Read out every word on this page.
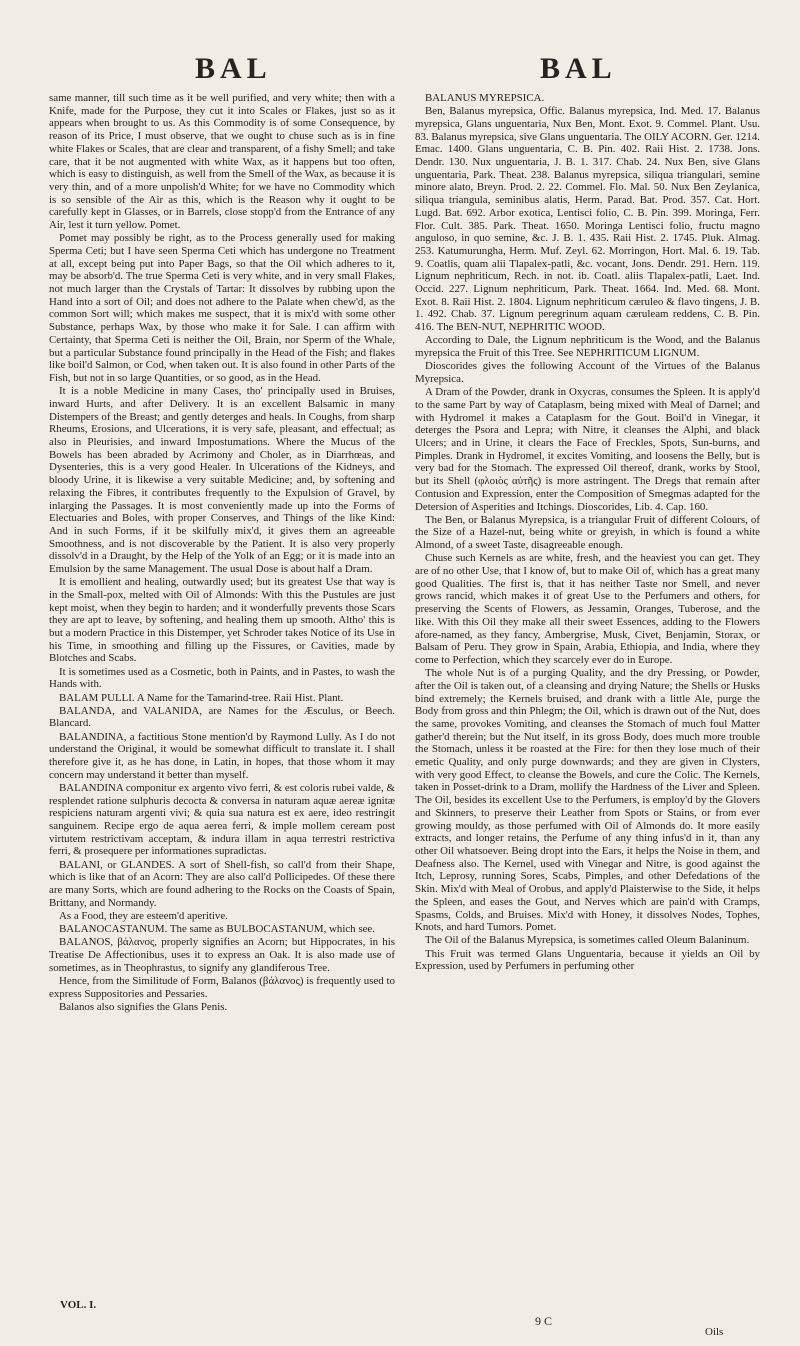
BAL	BAL

same manner, till such time as it be well purified, and very white; then with a Knife, made for the Purpose, they cut it into Scales or Flakes, just so as it appears when brought to us. As this Commodity is of some Consequence, by reason of its Price, I must observe, that we ought to chuse such as is in fine white Flakes or Scales, that are clear and transparent, of a fishy Smell; and take care, that it be not augmented with white Wax, as it happens but too often, which is easy to distinguish, as well from the Smell of the Wax, as because it is very thin, and of a more unpolish'd White; for we have no Commodity which is so sensible of the Air as this, which is the Reason why it ought to be carefully kept in Glasses, or in Barrels, close stopp'd from the Entrance of any Air, lest it turn yellow. Pomet.

Pomet may possibly be right, as to the Process generally used for making Sperma Ceti; but I have seen Sperma Ceti which has undergone no Treatment at all, except being put into Paper Bags, so that the Oil which adheres to it, may be absorb'd. The true Sperma Ceti is very white, and in very small Flakes, not much larger than the Crystals of Tartar: It dissolves by rubbing upon the Hand into a sort of Oil; and does not adhere to the Palate when chew'd, as the common Sort will; which makes me suspect, that it is mix'd with some other Substance, perhaps Wax, by those who make it for Sale. I can affirm with Certainty, that Sperma Ceti is neither the Oil, Brain, nor Sperm of the Whale, but a particular Substance found principally in the Head of the Fish; and flakes like boil'd Salmon, or Cod, when taken out. It is also found in other Parts of the Fish, but not in so large Quantities, or so good, as in the Head.

It is a noble Medicine in many Cases, tho' principally used in Bruises, inward Hurts, and after Delivery. It is an excellent Balsamic in many Distempers of the Breast; and gently deterges and heals. In Coughs, from sharp Rheums, Erosions, and Ulcerations, it is very safe, pleasant, and effectual; as also in Pleurisies, and inward Impostumations. Where the Mucus of the Bowels has been abraded by Acrimony and Choler, as in Diarrhœas, and Dysenteries, this is a very good Healer. In Ulcerations of the Kidneys, and bloody Urine, it is likewise a very suitable Medicine; and, by softening and relaxing the Fibres, it contributes frequently to the Expulsion of Gravel, by inlarging the Passages. It is most conveniently made up into the Forms of Electuaries and Boles, with proper Conserves, and Things of the like Kind: And in such Forms, if it be skilfully mix'd, it gives them an agreeable Smoothness, and is not discoverable by the Patient. It is also very properly dissolv'd in a Draught, by the Help of the Yolk of an Egg; or it is made into an Emulsion by the same Management. The usual Dose is about half a Dram.

It is emollient and healing, outwardly used; but its greatest Use that way is in the Small-pox, melted with Oil of Almonds: With this the Pustules are just kept moist, when they begin to harden; and it wonderfully prevents those Scars they are apt to leave, by softening, and healing them up smooth. Altho' this is but a modern Practice in this Distemper, yet Schroder takes Notice of its Use in his Time, in smoothing and filling up the Fissures, or Cavities, made by Blotches and Scabs.

It is sometimes used as a Cosmetic, both in Paints, and in Pastes, to wash the Hands with.

BALAM PULLI. A Name for the Tamarind-tree. Raii Hist. Plant.

BALANDA, and VALANIDA, are Names for the Æsculus, or Beech. Blancard.

BALANDINA, a factitious Stone mention'd by Raymond Lully. As I do not understand the Original, it would be somewhat difficult to translate it. I shall therefore give it, as he has done, in Latin, in hopes, that those whom it may concern may understand it better than myself.

BALANDINA componitur ex argento vivo ferri, & est coloris rubei valde, & resplendet ratione sulphuris decocta & conversa in naturam aquæ aereæ ignitæ respiciens naturam argenti vivi; & quia sua natura est ex aere, ideo restringit sanguinem. Recipe ergo de aqua aerea ferri, & imple mollem ceream post virtutem restrictivam acceptam, & indura illam in aqua terrestri restrictiva ferri, & prosequere per informationes supradictas.

BALANI, or GLANDES. A sort of Shell-fish, so call'd from their Shape, which is like that of an Acorn: They are also call'd Pollicipedes. Of these there are many Sorts, which are found adhering to the Rocks on the Coasts of Spain, Brittany, and Normandy.

As a Food, they are esteem'd aperitive.

BALANOCASTANUM. The same as BULBOCASTANUM, which see.

BALANOS, βάλανος, properly signifies an Acorn; but Hippocrates, in his Treatise De Affectionibus, uses it to express an Oak. It is also made use of sometimes, as in Theophrastus, to signify any glandiferous Tree.

Hence, from the Similitude of Form, Balanos (βάλανος) is frequently used to express Suppositories and Pessaries.

Balanos also signifies the Glans Penis.

BALANUS MYREPSICA.

Ben, Balanus myrepsica, Offic. Balanus myrepsica, Ind. Med. 17. Balanus myrepsica, Glans unguentaria, Nux Ben, Mont. Exot. 9. Commel. Plant. Usu. 83. Balanus myrepsica, sive Glans unguentaria. The OILY ACORN. Ger. 1214. Emac. 1400. Glans unguentaria, C. B. Pin. 402. Raii Hist. 2. 1738. Jons. Dendr. 130. Nux unguentaria, J. B. 1. 317. Chab. 24. Nux Ben, sive Glans unguentaria, Park. Theat. 238. Balanus myrepsica, siliqua triangulari, semine minore alato, Breyn. Prod. 2. 22. Commel. Flo. Mal. 50. Nux Ben Zeylanica, siliqua triangula, seminibus alatis, Herm. Parad. Bat. Prod. 357. Cat. Hort. Lugd. Bat. 692. Arbor exotica, Lentisci folio, C. B. Pin. 399. Moringa, Ferr. Flor. Cult. 385. Park. Theat. 1650. Moringa Lentisci folio, fructu magno anguloso, in quo semine, &c. J. B. 1. 435. Raii Hist. 2. 1745. Pluk. Almag. 253. Katumurungha, Herm. Muf. Zeyl. 62. Morringon, Hort. Mal. 6. 19. Tab. 9. Coatlis, quam alii Tlapalex-patli, &c. vocant, Jons. Dendr. 291. Hern. 119. Lignum nephriticum, Rech. in not. ib. Coatl. aliis Tlapalex-patli, Laet. Ind. Occid. 227. Lignum nephriticum, Park. Theat. 1664. Ind. Med. 68. Mont. Exot. 8. Raii Hist. 2. 1804. Lignum nephriticum cæruleo & flavo tingens, J. B. 1. 492. Chab. 37. Lignum peregrinum aquam cæruleam reddens, C. B. Pin. 416. The BEN-NUT, NEPHRITIC WOOD.

According to Dale, the Lignum nephriticum is the Wood, and the Balanus myrepsica the Fruit of this Tree. See NEPHRITICUM LIGNUM.

Dioscorides gives the following Account of the Virtues of the Balanus Myrepsica.

A Dram of the Powder, drank in Oxycras, consumes the Spleen. It is apply'd to the same Part by way of Cataplasm, being mixed with Meal of Darnel; and with Hydromel it makes a Cataplasm for the Gout. Boil'd in Vinegar, it deterges the Psora and Lepra; with Nitre, it cleanses the Alphi, and black Ulcers; and in Urine, it clears the Face of Freckles, Spots, Sun-burns, and Pimples. Drank in Hydromel, it excites Vomiting, and loosens the Belly, but is very bad for the Stomach. The expressed Oil thereof, drank, works by Stool, but its Shell (φλοιὸς αὐτῆς) is more astringent. The Dregs that remain after Contusion and Expression, enter the Composition of Smegmas adapted for the Detersion of Asperities and Itchings. Dioscorides, Lib. 4. Cap. 160.

The Ben, or Balanus Myrepsica, is a triangular Fruit of different Colours, of the Size of a Hazel-nut, being white or greyish, in which is found a white Almond, of a sweet Taste, disagreeable enough.

Chuse such Kernels as are white, fresh, and the heaviest you can get. They are of no other Use, that I know of, but to make Oil of, which has a great many good Qualities. The first is, that it has neither Taste nor Smell, and never grows rancid, which makes it of great Use to the Perfumers and others, for preserving the Scents of Flowers, as Jessamin, Oranges, Tuberose, and the like. With this Oil they make all their sweet Essences, adding to the Flowers afore-named, as they fancy, Ambergrise, Musk, Civet, Benjamin, Storax, or Balsam of Peru. They grow in Spain, Arabia, Ethiopia, and India, where they come to Perfection, which they scarcely ever do in Europe.

The whole Nut is of a purging Quality, and the dry Pressing, or Powder, after the Oil is taken out, of a cleansing and drying Nature; the Shells or Husks bind extremely; the Kernels bruised, and drank with a little Ale, purge the Body from gross and thin Phlegm; the Oil, which is drawn out of the Nut, does the same, provokes Vomiting, and cleanses the Stomach of much foul Matter gather'd therein; but the Nut itself, in its gross Body, does much more trouble the Stomach, unless it be roasted at the Fire: for then they lose much of their emetic Quality, and only purge downwards; and they are given in Clysters, with very good Effect, to cleanse the Bowels, and cure the Colic. The Kernels, taken in Posset-drink to a Dram, mollify the Hardness of the Liver and Spleen. The Oil, besides its excellent Use to the Perfumers, is employ'd by the Glovers and Skinners, to preserve their Leather from Spots or Stains, or from ever growing mouldy, as those perfumed with Oil of Almonds do. It more easily extracts, and longer retains, the Perfume of any thing infus'd in it, than any other Oil whatsoever. Being dropt into the Ears, it helps the Noise in them, and Deafness also. The Kernel, used with Vinegar and Nitre, is good against the Itch, Leprosy, running Sores, Scabs, Pimples, and other Defedations of the Skin. Mix'd with Meal of Orobus, and apply'd Plaisterwise to the Side, it helps the Spleen, and eases the Gout, and Nerves which are pain'd with Cramps, Spasms, Colds, and Bruises. Mix'd with Honey, it dissolves Nodes, Tophes, Knots, and hard Tumors. Pomet.

The Oil of the Balanus Myrepsica, is sometimes called Oleum Balaninum.

This Fruit was termed Glans Unguentaria, because it yields an Oil by Expression, used by Perfumers in perfuming other

VOL. I.
9 C
Oils
